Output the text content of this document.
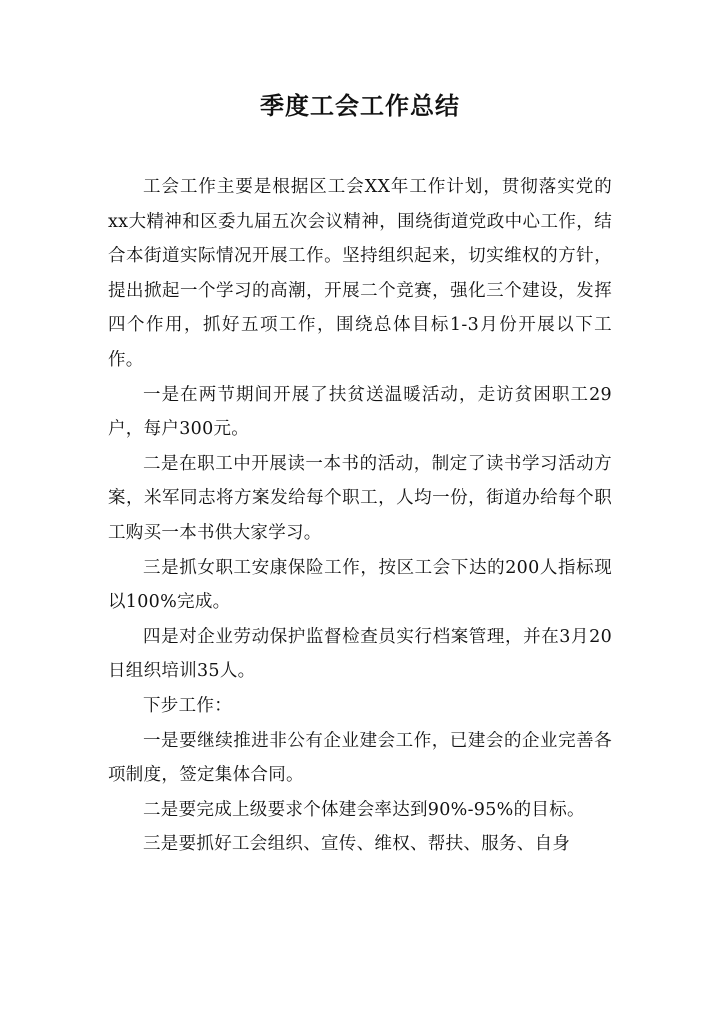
季度工会工作总结

工会工作主要是根据区工会XX年工作计划，贯彻落实党的xx大精神和区委九届五次会议精神，围绕街道党政中心工作，结合本街道实际情况开展工作。坚持组织起来，切实维权的方针，提出掀起一个学习的高潮，开展二个竞赛，强化三个建设，发挥四个作用，抓好五项工作，围绕总体目标1-3月份开展以下工作。

一是在两节期间开展了扶贫送温暖活动，走访贫困职工29户，每户300元。

二是在职工中开展读一本书的活动，制定了读书学习活动方案，米军同志将方案发给每个职工，人均一份，街道办给每个职工购买一本书供大家学习。

三是抓女职工安康保险工作，按区工会下达的200人指标现以100%完成。

四是对企业劳动保护监督检查员实行档案管理，并在3月20日组织培训35人。

下步工作：

一是要继续推进非公有企业建会工作，已建会的企业完善各项制度，签定集体合同。

二是要完成上级要求个体建会率达到90%-95%的目标。

三是要抓好工会组织、宣传、维权、帮扶、服务、自身
